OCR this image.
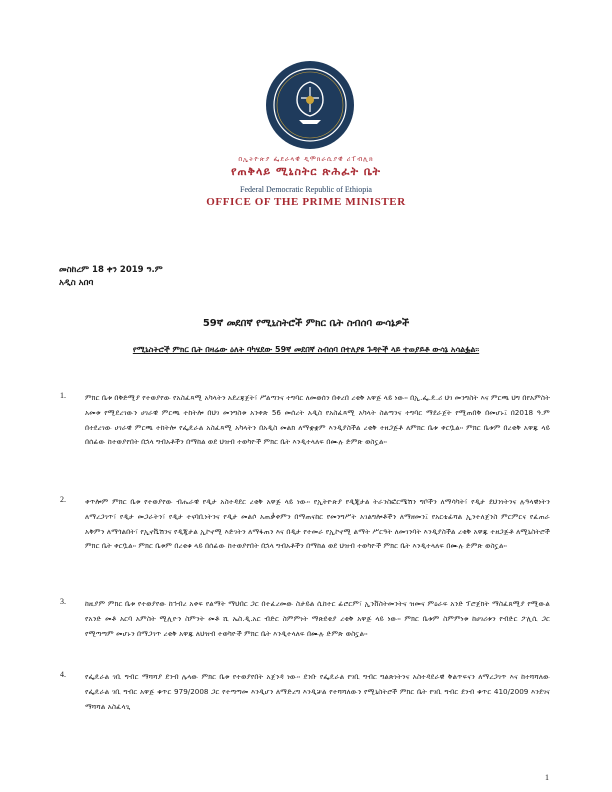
በኢትዮጵያ ፌደራላዊ ዲሞክራሲያዊ ሪፐብሊክ
የጠቅላይ ሚኒስትር ጽሕፈት ቤት
Federal Democratic Republic of Ethiopia
OFFICE OF THE PRIME MINISTER
መስከረም 18 ቀን 2019 ዓ.ም
አዲስ አበባ
59ኛ መደበኛ የሚኒስትሮች ምክር ቤት ስብሰባ ውሳኔዎች
የሚኒስትሮች ምክር ቤት በዛሬው ዕለት ባካሄደው 59ኛ መደበኛ ስብሰባ በተለያዩ ጉዳዮች ላይ ተወያይቶ ውሳኔ አሳልፏል፡፡
1.	ምክር ቤቱ በቅድሚያ የተወያየው የአስፈጻሚ አካላትን አደረጃጀት፣ ሥልጣንና ተግባር ለመወሰን በቀረበ ረቂቅ አዋጅ ላይ ነው፡፡ በኢ.ፌ.ዴ.ሪ ህገ መንግስት እና ምርጫ ህግ በየአምስት አመቱ የሚደረገውን ሀገራዊ ምርጫ ተከትሎ በህገ መንግስቱ አንቀጽ 56 መሰረት አዲስ የአስፈጻሚ አካላት ስልጣንና ተግባር ማደራጀት የሚጠበቅ በመሆኑ፤ በ2018 ዓ.ም በተደረገው ሀገራዊ ምርጫ ተከትሎ የፌዴራል አስፈጻሚ አካላትን በአዲስ መልክ ለማቋቋም እንዲያስችል ረቂቅ ተዘጋጅቶ ለምክር ቤቱ ቀርቧል፡፡ ምክር ቤቱም በረቂቅ አዋጁ ላይ በሰፊው ከተወያየበት በኋላ ግብአቶችን በማከል ወደ ህዝብ ተወካዮች ምክር ቤት እንዲተላለፍ በሙሉ ድምጽ ወስኗል፡፡
2.	ቀጥሎም ምክር ቤቱ የተወያየው ብሔራዊ የዲታ አስተዳደር ረቂቅ አዋጅ ላይ ነው፡፡ የኢትዮጵያ የዲጂታል ትራንስፎርሜሽን ግቦችን ለማሳካት፣ የዲታ ደህንነትንና ሉዓላዊነትን ለማረጋገጥ፣ የዲታ መጋራትን፣ የዲታ ተናባቢነትንና የዲታ መልሶ አጠቃቀምን በማጠናከር የመንግሥት አገልግሎቶችን ለማዘመን፤ የአርቴፊሻል ኢንተለጀንስ ምርምርና የፈጠራ አቅምን ለማጎልበት፣ የኢኖቬሽንና የዲጂታል ኢኮኖሚ እድገትን ለማፋጠን እና በዲታ የተመራ የኢኮኖሚ ልማት ሥርዓት ለመገንባት እንዲያስችል ረቂቅ አዋጁ ተዘጋጅቶ ለሚኒስትሮች ምክር ቤት ቀርቧል፡፡ ምክር ቤቱም በረቂቁ ላይ በሰፊው ከተወያየበት በኋላ ግብአቶችን በማከል ወደ ህዝብ ተወካዮች ምክር ቤት እንዲተላለፍ በሙሉ ድምጽ ወስኗል፡፡
3.	ከዚያም ምክር ቤቱ የተወያየው ከኅብረ አቀፍ የልማት ማህበር ጋር በተፈረመው ስታይል ሲከተር ፊሮርም፣ ኢንቨስትመንትና ዝመና ምዕራፍ አንድ ፕሮጀክት ማስፈጸሚያ የሚውል የአንድ መቶ አርባ አምስት ሚሊዮን ስምንት መቶ ሺ ኤስ.ዲ.አር ብድር ስምምነት ማጽደቂያ ረቂቅ አዋጅ ላይ ነው፡፡ ምክር ቤቱም ስምምነቱ ከሀገሪቱን የብድር ፖሊሲ ጋር የሚጣጣም መሆኑን በማጋገጥ ረቂቅ አዋጁ ለህዝብ ተወካዮች ምክር ቤት እንዲተላለፍ በሙሉ ድምጽ ወስኗል፡፡
4.	የፌዴራል ገቢ ግብር ማሻሻያ ደንብ ሌላው ምክር ቤቱ የተወያየበት አጀንዳ ነው፡፡ ደንቡ የፌዴራል የገቢ ግብር ግልጽነትንና አስተዳደራዊ ቅልጥፍናን ለማረጋገጥ እና ከተሻሻለው የፌዴራል ገቢ ግብር አዋጅ ቁጥር 979/2008 ጋር የተጣጣመ እንዲሆን ለማድረግ እንዲቻል የተሻሻለውን የሚኒስትሮች ምክር ቤት የገቢ ግብር ደንብ ቁጥር 410/2009 እንደገና ማሻሻል አስፈላጊ
1
